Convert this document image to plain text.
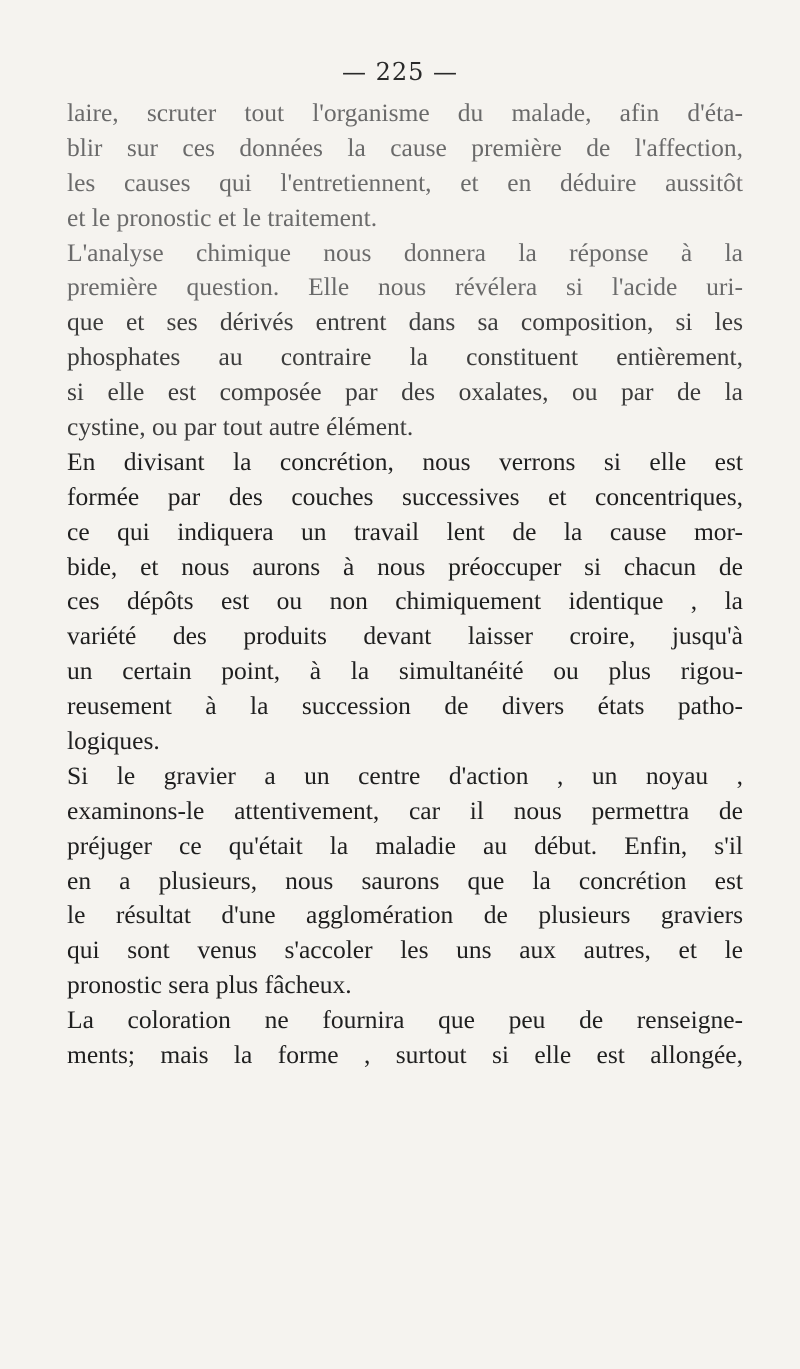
— 225 —
laire, scruter tout l'organisme du malade, afin d'éta-
blir sur ces données la cause première de l'affection,
les causes qui l'entretiennent, et en déduire aussitôt
et le pronostic et le traitement.
L'analyse chimique nous donnera la réponse à la
première question. Elle nous révélera si l'acide uri-
que et ses dérivés entrent dans sa composition, si les
phosphates au contraire la constituent entièrement,
si elle est composée par des oxalates, ou par de la
cystine, ou par tout autre élément.
En divisant la concrétion, nous verrons si elle est
formée par des couches successives et concentriques,
ce qui indiquera un travail lent de la cause mor-
bide, et nous aurons à nous préoccuper si chacun de
ces dépôts est ou non chimiquement identique , la
variété des produits devant laisser croire, jusqu'à
un certain point, à la simultanéité ou plus rigou-
reusement à la succession de divers états patho-
logiques.
Si le gravier a un centre d'action , un noyau ,
examinons-le attentivement, car il nous permettra de
préjuger ce qu'était la maladie au début. Enfin, s'il
en a plusieurs, nous saurons que la concrétion est
le résultat d'une agglomération de plusieurs graviers
qui sont venus s'accoler les uns aux autres, et le
pronostic sera plus fâcheux.
La coloration ne fournira que peu de renseigne-
ments; mais la forme , surtout si elle est allongée,
